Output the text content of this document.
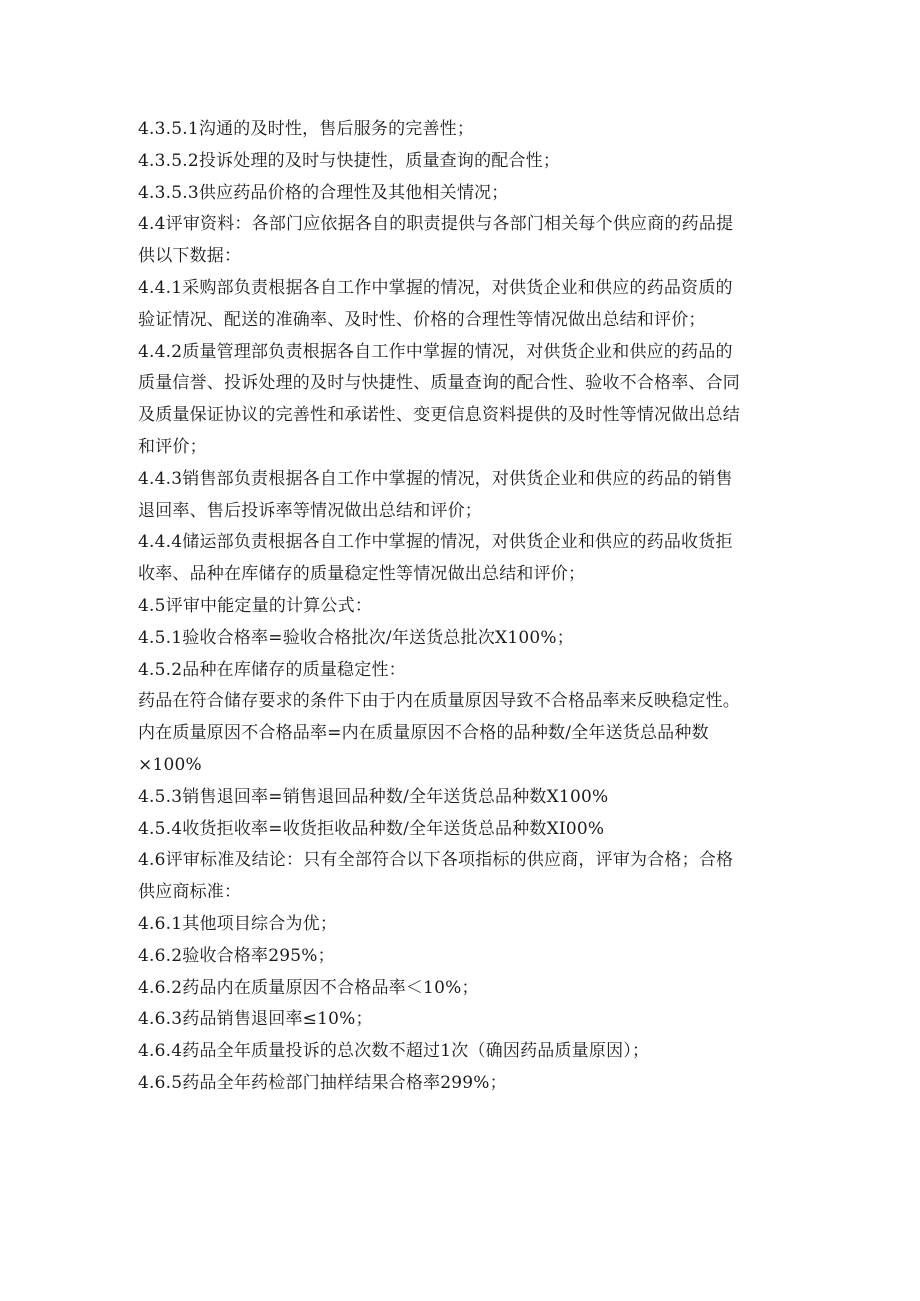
4.3.5.1沟通的及时性，售后服务的完善性；
4.3.5.2投诉处理的及时与快捷性，质量查询的配合性；
4.3.5.3供应药品价格的合理性及其他相关情况；
4.4评审资料：各部门应依据各自的职责提供与各部门相关每个供应商的药品提
供以下数据：
4.4.1采购部负责根据各自工作中掌握的情况，对供货企业和供应的药品资质的
验证情况、配送的准确率、及时性、价格的合理性等情况做出总结和评价；
4.4.2质量管理部负责根据各自工作中掌握的情况，对供货企业和供应的药品的
质量信誉、投诉处理的及时与快捷性、质量查询的配合性、验收不合格率、合同
及质量保证协议的完善性和承诺性、变更信息资料提供的及时性等情况做出总结
和评价；
4.4.3销售部负责根据各自工作中掌握的情况，对供货企业和供应的药品的销售
退回率、售后投诉率等情况做出总结和评价；
4.4.4储运部负责根据各自工作中掌握的情况，对供货企业和供应的药品收货拒
收率、品种在库储存的质量稳定性等情况做出总结和评价；
4.5评审中能定量的计算公式：
4.5.1验收合格率=验收合格批次/年送货总批次X100%；
4.5.2品种在库储存的质量稳定性：
药品在符合储存要求的条件下由于内在质量原因导致不合格品率来反映稳定性。
内在质量原因不合格品率=内在质量原因不合格的品种数/全年送货总品种数
×100%
4.5.3销售退回率=销售退回品种数/全年送货总品种数X100%
4.5.4收货拒收率=收货拒收品种数/全年送货总品种数XI00%
4.6评审标准及结论：只有全部符合以下各项指标的供应商，评审为合格；合格
供应商标准：
4.6.1其他项目综合为优；
4.6.2验收合格率295%；
4.6.2药品内在质量原因不合格品率＜10%；
4.6.3药品销售退回率≤10%；
4.6.4药品全年质量投诉的总次数不超过1次（确因药品质量原因）；
4.6.5药品全年药检部门抽样结果合格率299%；
